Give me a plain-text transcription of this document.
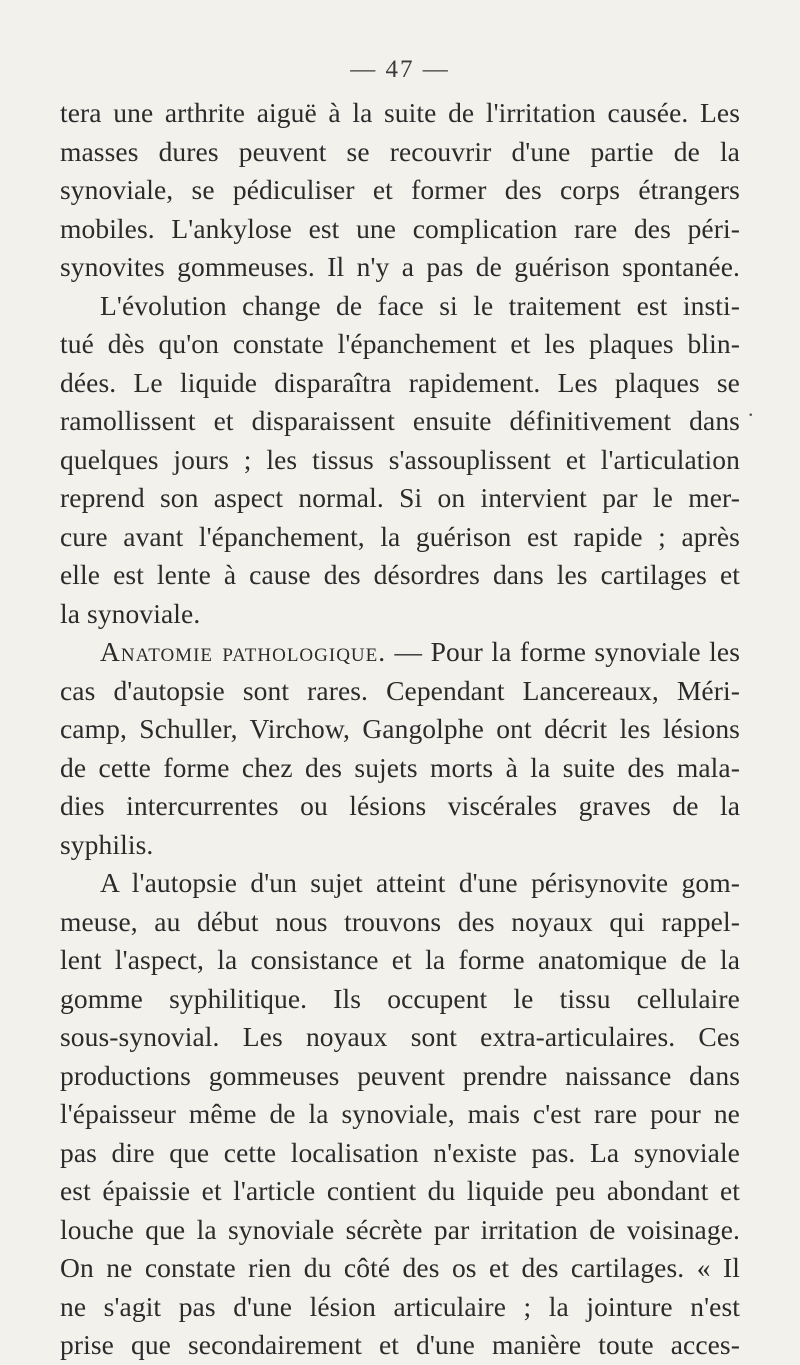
— 47 —
.
tera une arthrite aiguë à la suite de l'irritation causée. Les
masses dures peuvent se recouvrir d'une partie de la
synoviale, se pédiculiser et former des corps étrangers
mobiles. L'ankylose est une complication rare des péri-
synovites gommeuses. Il n'y a pas de guérison spontanée.
L'évolution change de face si le traitement est insti-
tué dès qu'on constate l'épanchement et les plaques blin-
dées. Le liquide disparaîtra rapidement. Les plaques se
ramollissent et disparaissent ensuite définitivement dans
quelques jours ; les tissus s'assouplissent et l'articulation
reprend son aspect normal. Si on intervient par le mer-
cure avant l'épanchement, la guérison est rapide ; après
elle est lente à cause des désordres dans les cartilages et
la synoviale.
Anatomie pathologique. — Pour la forme synoviale les
cas d'autopsie sont rares. Cependant Lancereaux, Méri-
camp, Schuller, Virchow, Gangolphe ont décrit les lésions
de cette forme chez des sujets morts à la suite des mala-
dies intercurrentes ou lésions viscérales graves de la
syphilis.
A l'autopsie d'un sujet atteint d'une périsynovite gom-
meuse, au début nous trouvons des noyaux qui rappel-
lent l'aspect, la consistance et la forme anatomique de la
gomme syphilitique. Ils occupent le tissu cellulaire
sous-synovial. Les noyaux sont extra-articulaires. Ces
productions gommeuses peuvent prendre naissance dans
l'épaisseur même de la synoviale, mais c'est rare pour ne
pas dire que cette localisation n'existe pas. La synoviale
est épaissie et l'article contient du liquide peu abondant et
louche que la synoviale sécrète par irritation de voisinage.
On ne constate rien du côté des os et des cartilages. « Il
ne s'agit pas d'une lésion articulaire ; la jointure n'est
prise que secondairement et d'une manière toute acces-
